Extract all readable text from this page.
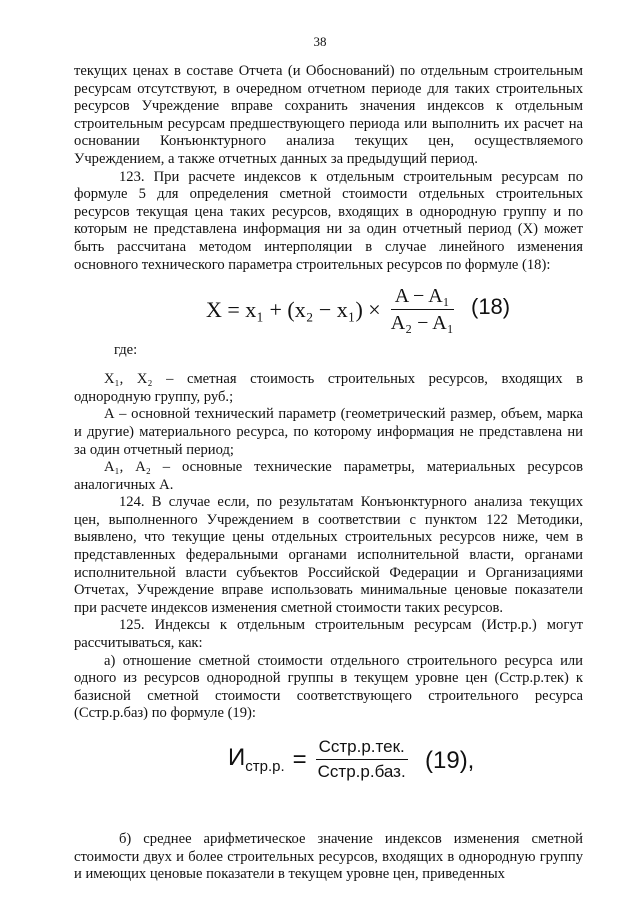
38

текущих ценах в составе Отчета (и Обоснований) по отдельным строительным ресурсам отсутствуют, в очередном отчетном периоде для таких строительных ресурсов Учреждение вправе сохранить значения индексов к отдельным строительным ресурсам предшествующего периода или выполнить их расчет на основании Конъюнктурного анализа текущих цен, осуществляемого Учреждением, а также отчетных данных за предыдущий период.

123. При расчете индексов к отдельным строительным ресурсам по формуле 5 для определения сметной стоимости отдельных строительных ресурсов текущая цена таких ресурсов, входящих в однородную группу и по которым не представлена информация ни за один отчетный период (X) может быть рассчитана методом интерполяции в случае линейного изменения основного технического параметра строительных ресурсов по формуле (18):

$X = x_1 + (x_2 - x_1) \times \frac{\text{A − A₁}}{\text{A₂ − A₁}} (18)$
где:

X₁, X₂ – сметная стоимость строительных ресурсов, входящих в однородную группу, руб.;

А – основной технический параметр (геометрический размер, объем, марка и другие) материального ресурса, по которому информация не представлена ни за один отчетный период;

А₁, А₂ – основные технические параметры, материальных ресурсов аналогичных А.

124. В случае если, по результатам Конъюнктурного анализа текущих цен, выполненного Учреждением в соответствии с пунктом 122 Методики, выявлено, что текущие цены отдельных строительных ресурсов ниже, чем в представленных федеральными органами исполнительной власти, органами исполнительной власти субъектов Российской Федерации и Организациями Отчетах, Учреждение вправе использовать минимальные ценовые показатели при расчете индексов изменения сметной стоимости таких ресурсов.

125. Индексы к отдельным строительным ресурсам (Истр.р.) могут рассчитываться, как:

а) отношение сметной стоимости отдельного строительного ресурса или одного из ресурсов однородной группы в текущем уровне цен (Cстр.р.тек) к базисной сметной стоимости соответствующего строительного ресурса (Cстр.р.баз) по формуле (19):

$И_{стр.р.} = \frac{\text{Cстр.р.тек.}}{\text{Cстр.р.баз.}} (19)$,

б) среднее арифметическое значение индексов изменения сметной стоимости двух и более строительных ресурсов, входящих в однородную группу и имеющих ценовые показатели в текущем уровне цен, приведенных
